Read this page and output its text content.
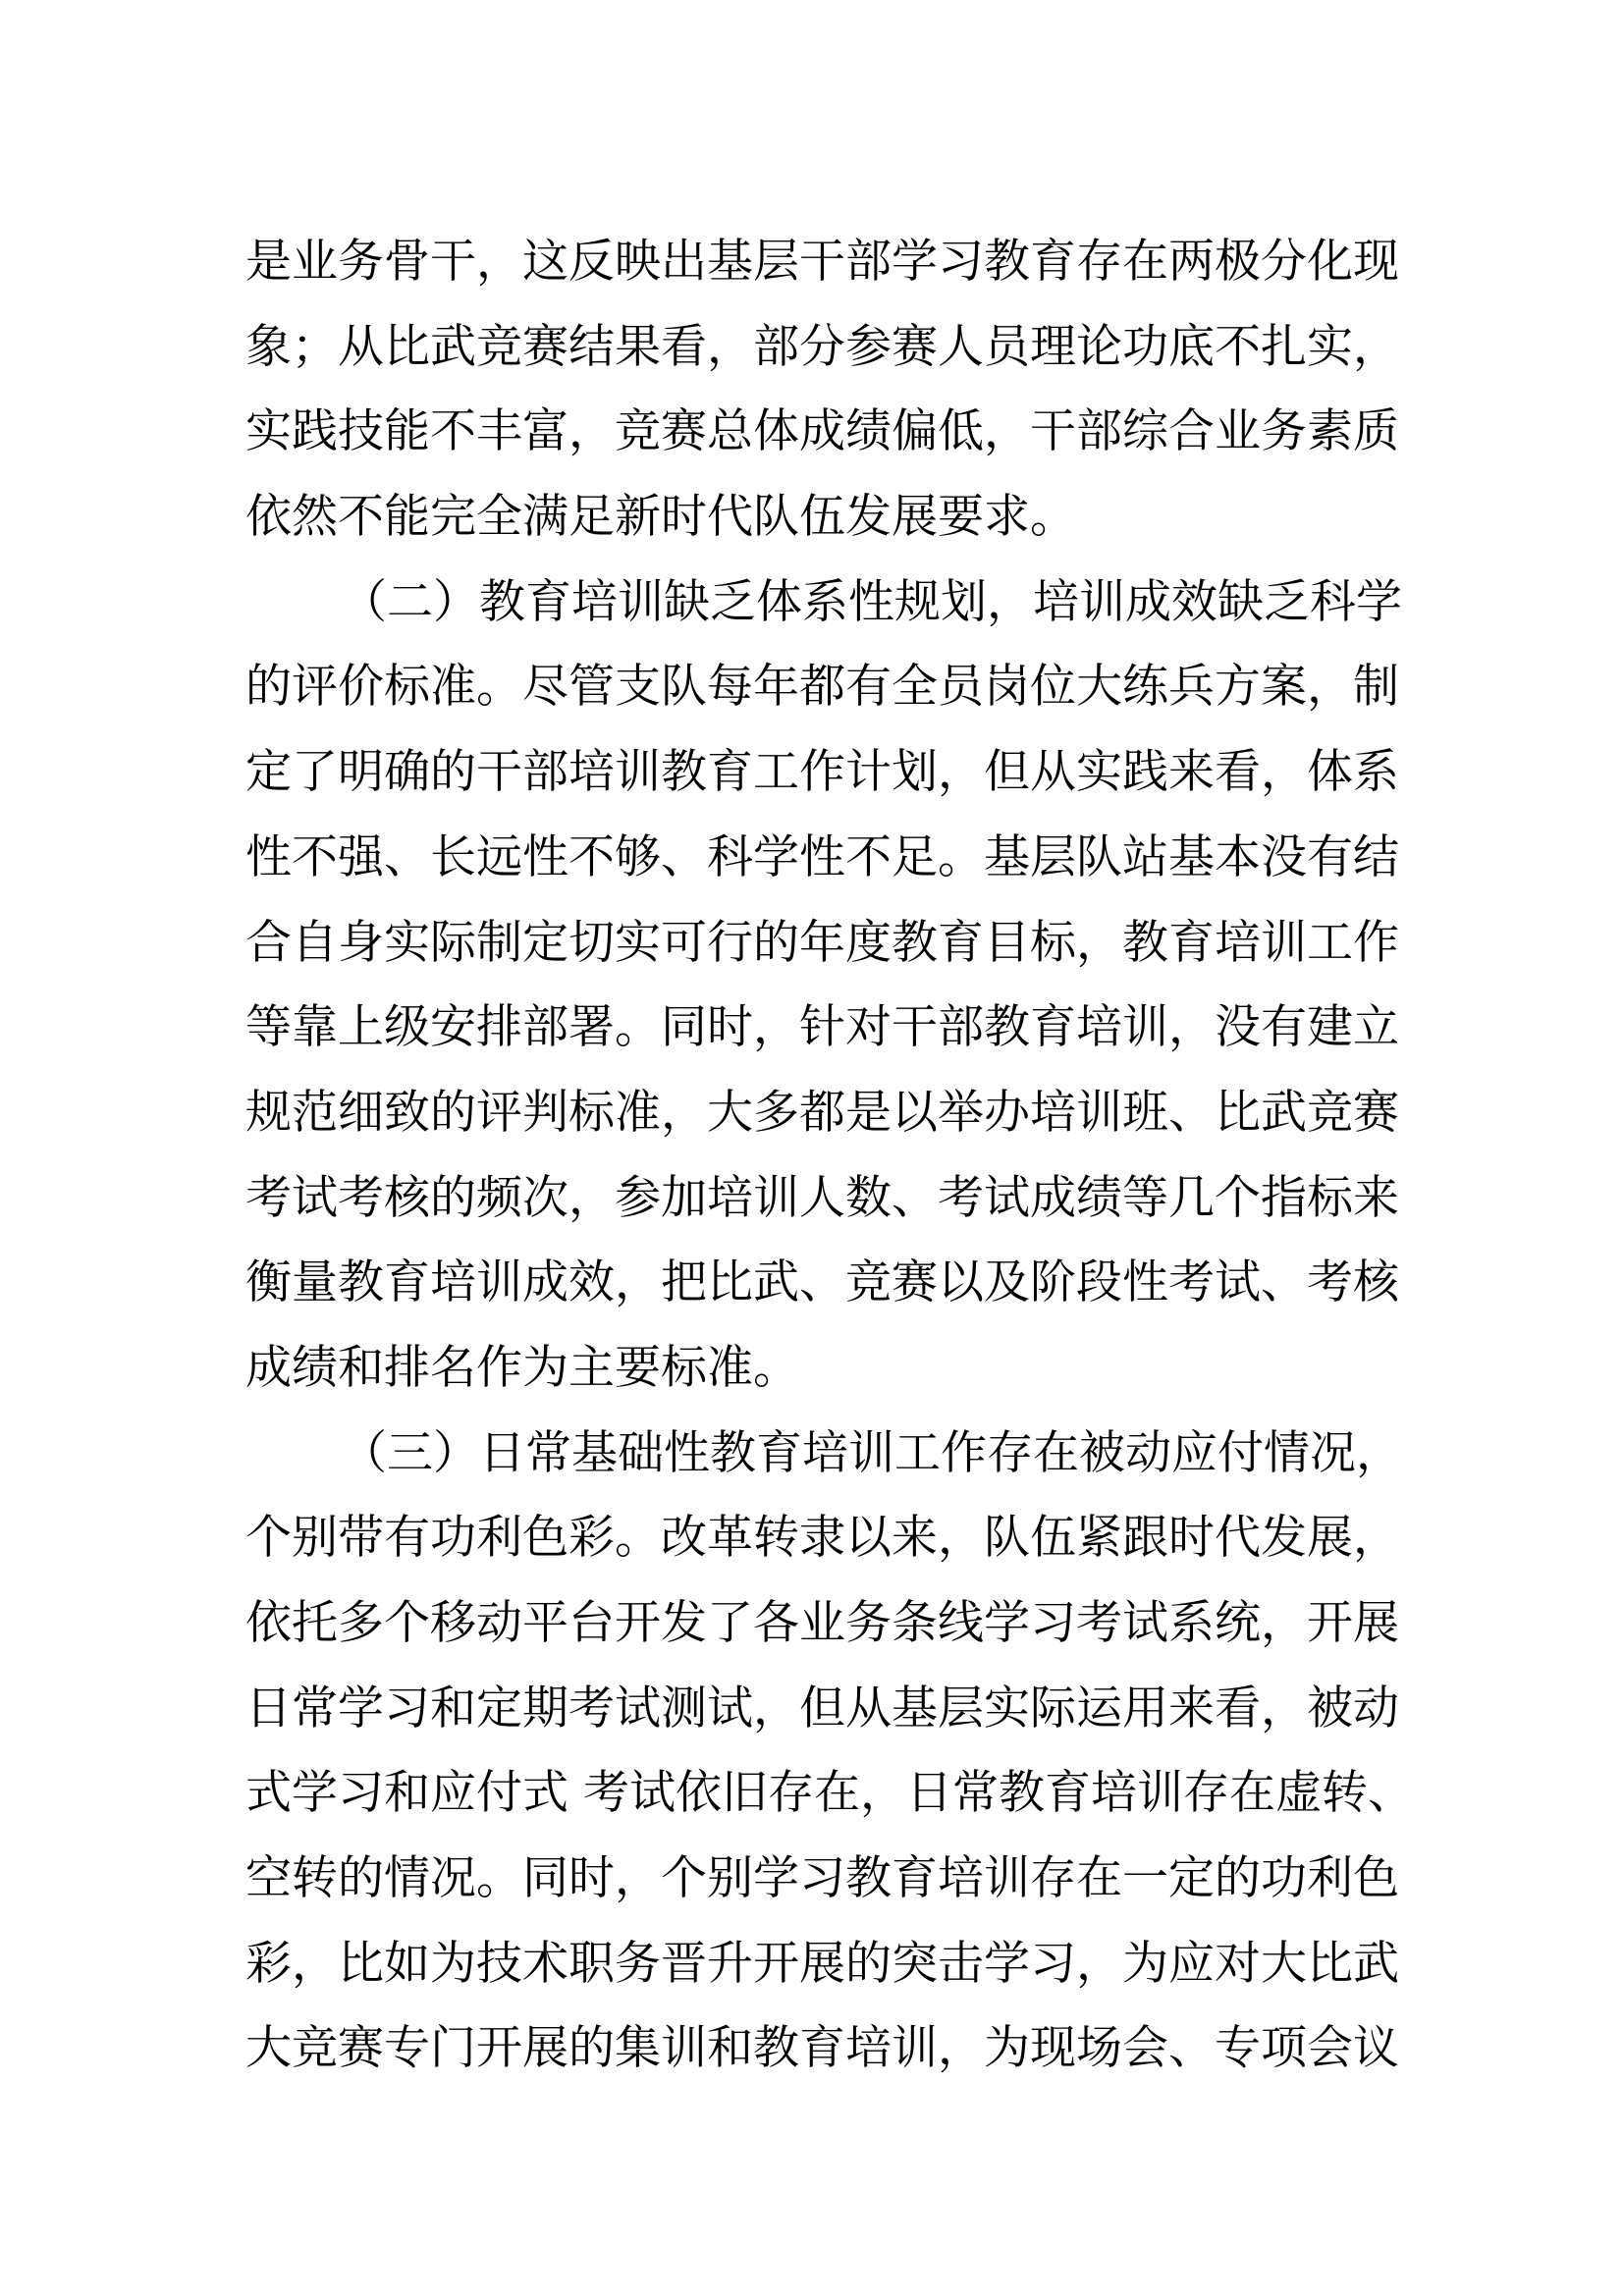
是业务骨干，这反映出基层干部学习教育存在两极分化现
象；从比武竞赛结果看，部分参赛人员理论功底不扎实，
实践技能不丰富，竞赛总体成绩偏低，干部综合业务素质
依然不能完全满足新时代队伍发展要求。
（二）教育培训缺乏体系性规划，培训成效缺乏科学
的评价标准。尽管支队每年都有全员岗位大练兵方案，制
定了明确的干部培训教育工作计划，但从实践来看，体系
性不强、长远性不够、科学性不足。基层队站基本没有结
合自身实际制定切实可行的年度教育目标，教育培训工作
等靠上级安排部署。同时，针对干部教育培训，没有建立
规范细致的评判标准，大多都是以举办培训班、比武竞赛
考试考核的频次，参加培训人数、考试成绩等几个指标来
衡量教育培训成效，把比武、竞赛以及阶段性考试、考核
成绩和排名作为主要标准。
（三）日常基础性教育培训工作存在被动应付情况，
个别带有功利色彩。改革转隶以来，队伍紧跟时代发展，
依托多个移动平台开发了各业务条线学习考试系统，开展
日常学习和定期考试测试，但从基层实际运用来看，被动
式学习和应付式 考试依旧存在，日常教育培训存在虚转、
空转的情况。同时，个别学习教育培训存在一定的功利色
彩，比如为技术职务晋升开展的突击学习，为应对大比武
大竞赛专门开展的集训和教育培训，为现场会、专项会议
